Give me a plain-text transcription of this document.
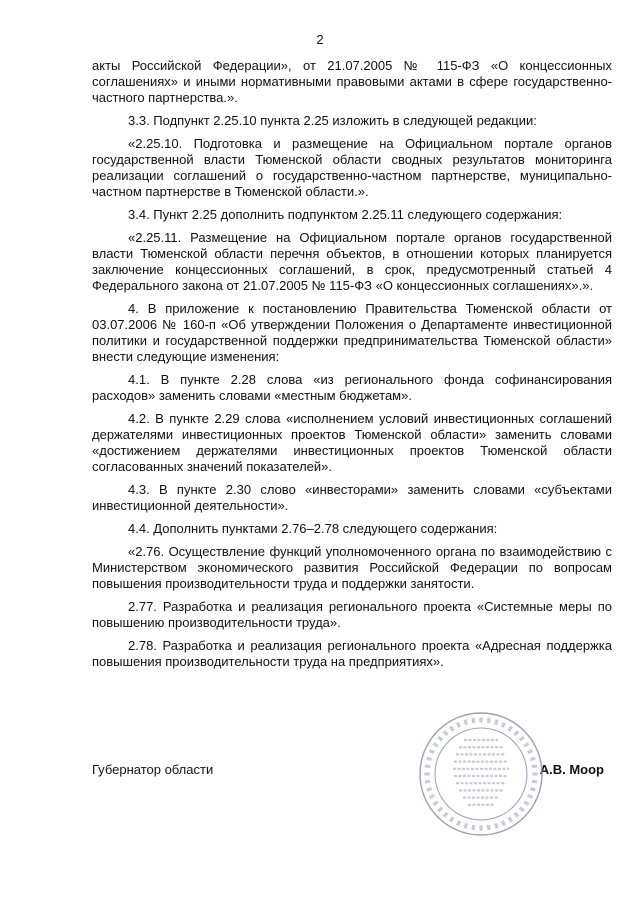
2

акты Российской Федерации», от 21.07.2005 № 115-ФЗ «О концессионных соглашениях» и иными нормативными правовыми актами в сфере государственно-частного партнерства.».

3.3. Подпункт 2.25.10 пункта 2.25 изложить в следующей редакции:

«2.25.10. Подготовка и размещение на Официальном портале органов государственной власти Тюменской области сводных результатов мониторинга реализации соглашений о государственно-частном партнерстве, муниципально-частном партнерстве в Тюменской области.».

3.4. Пункт 2.25 дополнить подпунктом 2.25.11 следующего содержания:

«2.25.11. Размещение на Официальном портале органов государственной власти Тюменской области перечня объектов, в отношении которых планируется заключение концессионных соглашений, в срок, предусмотренный статьей 4 Федерального закона от 21.07.2005 № 115-ФЗ «О концессионных соглашениях».».

4. В приложение к постановлению Правительства Тюменской области от 03.07.2006 № 160-п «Об утверждении Положения о Департаменте инвестиционной политики и государственной поддержки предпринимательства Тюменской области» внести следующие изменения:

4.1. В пункте 2.28 слова «из регионального фонда софинансирования расходов» заменить словами «местным бюджетам».

4.2. В пункте 2.29 слова «исполнением условий инвестиционных соглашений держателями инвестиционных проектов Тюменской области» заменить словами «достижением держателями инвестиционных проектов Тюменской области согласованных значений показателей».

4.3. В пункте 2.30 слово «инвесторами» заменить словами «субъектами инвестиционной деятельности».

4.4. Дополнить пунктами 2.76–2.78 следующего содержания:

«2.76. Осуществление функций уполномоченного органа по взаимодействию с Министерством экономического развития Российской Федерации по вопросам повышения производительности труда и поддержки занятости.

2.77. Разработка и реализация регионального проекта «Системные меры по повышению производительности труда».

2.78. Разработка и реализация регионального проекта «Адресная поддержка повышения производительности труда на предприятиях».

Губернатор области	А.В. Моор
